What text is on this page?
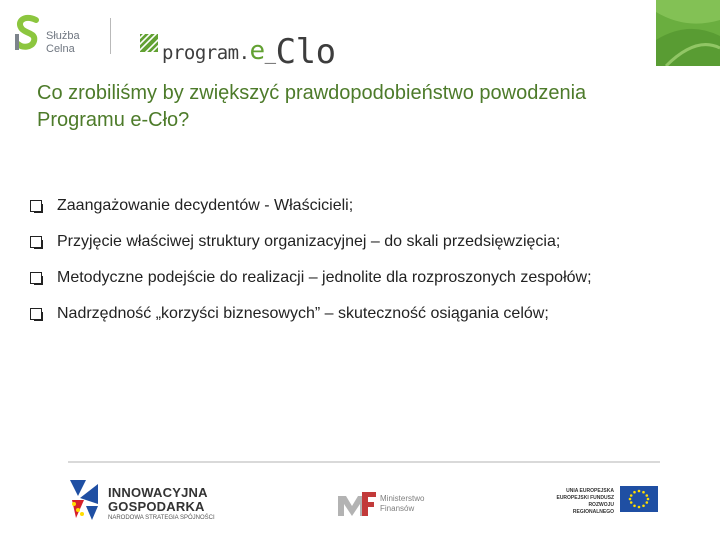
Służba
Celna	program.e_Clo
Co zrobiliśmy by zwiększyć prawdopodobieństwo powodzenia Programu e-Cło?
Zaangażowanie decydentów - Właścicieli;
Przyjęcie właściwej struktury organizacyjnej – do skali przedsięwzięcia;
Metodyczne podejście do realizacji – jednolite dla rozproszonych zespołów;
Nadrzędność „korzyści biznesowych” – skuteczność osiągania celów;
INNOWACYJNA
GOSPODARKA
NARODOWA STRATEGIA SPÓJNOŚCI
Ministerstwo
Finansów
UNIA EUROPEJSKA
EUROPEJSKI FUNDUSZ
ROZWOJU REGIONALNEGO
